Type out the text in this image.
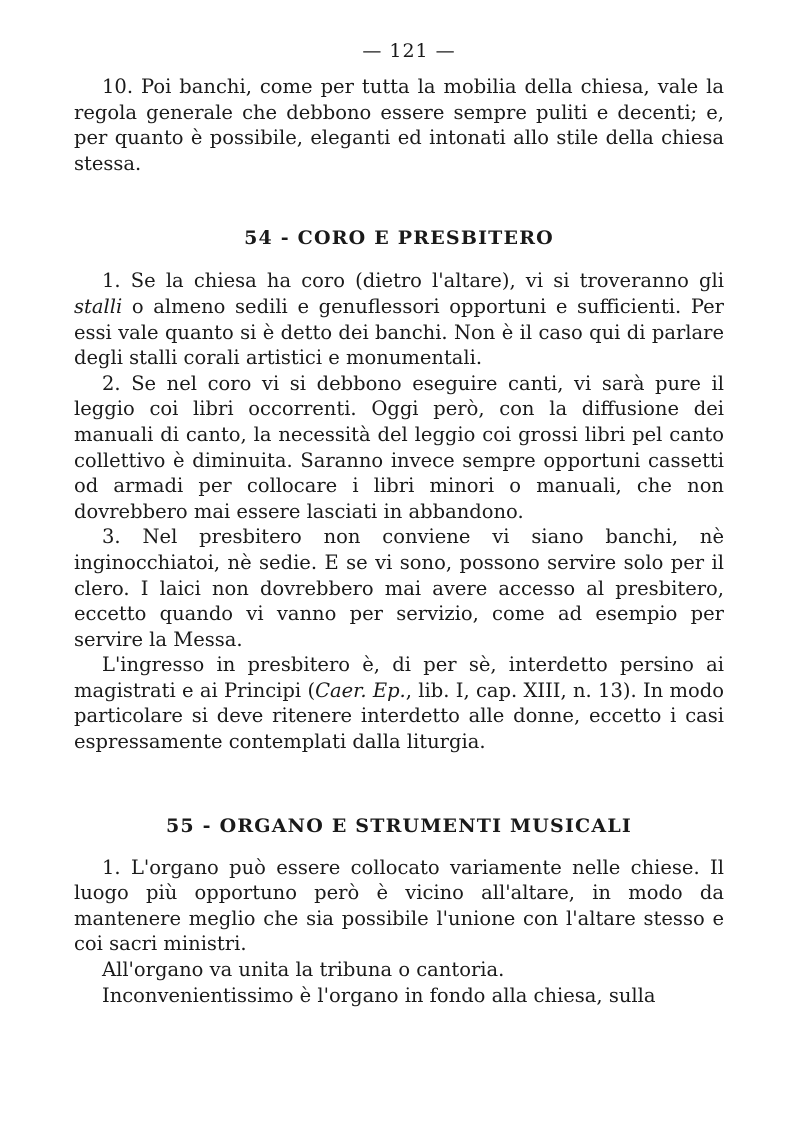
— 121 —

10. Poi banchi, come per tutta la mobilia della chiesa, vale la regola generale che debbono essere sempre puliti e decenti; e, per quanto è possibile, eleganti ed intonati allo stile della chiesa stessa.

54 - CORO E PRESBITERO

1. Se la chiesa ha coro (dietro l'altare), vi si troveranno gli stalli o almeno sedili e genuflessori opportuni e sufficienti. Per essi vale quanto si è detto dei banchi. Non è il caso qui di parlare degli stalli corali artistici e monumentali.

2. Se nel coro vi si debbono eseguire canti, vi sarà pure il leggio coi libri occorrenti. Oggi però, con la diffusione dei manuali di canto, la necessità del leggio coi grossi libri pel canto collettivo è diminuita. Saranno invece sempre opportuni cassetti od armadi per collocare i libri minori o manuali, che non dovrebbero mai essere lasciati in abbandono.

3. Nel presbitero non conviene vi siano banchi, nè inginocchiatoi, nè sedie. E se vi sono, possono servire solo per il clero. I laici non dovrebbero mai avere accesso al presbitero, eccetto quando vi vanno per servizio, come ad esempio per servire la Messa.

L'ingresso in presbitero è, di per sè, interdetto persino ai magistrati e ai Principi (Caer. Ep., lib. I, cap. XIII, n. 13). In modo particolare si deve ritenere interdetto alle donne, eccetto i casi espressamente contemplati dalla liturgia.

55 - ORGANO E STRUMENTI MUSICALI

1. L'organo può essere collocato variamente nelle chiese. Il luogo più opportuno però è vicino all'altare, in modo da mantenere meglio che sia possibile l'unione con l'altare stesso e coi sacri ministri.

All'organo va unita la tribuna o cantoria.

Inconvenientissimo è l'organo in fondo alla chiesa, sulla
